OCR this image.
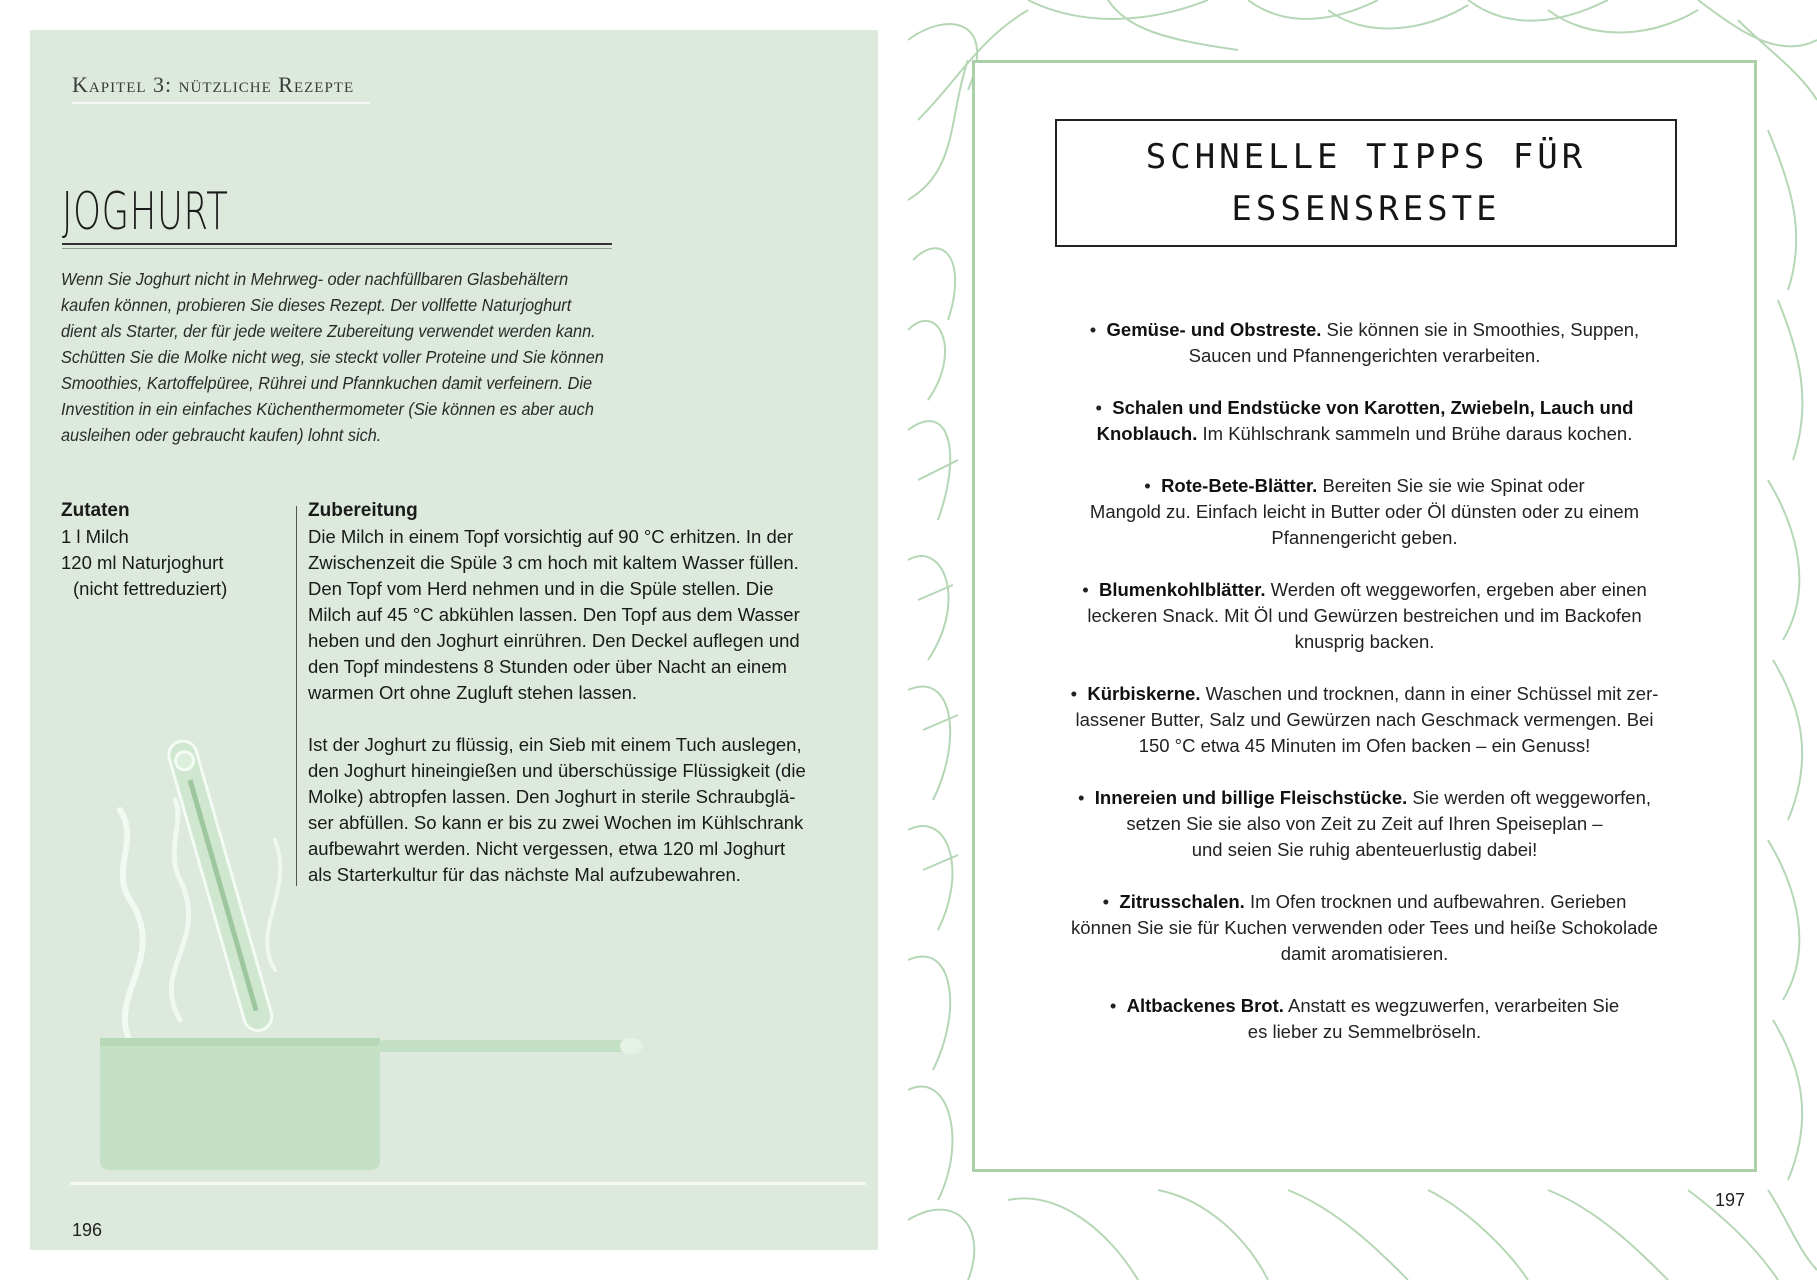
Kapitel 3: nützliche Rezepte
JOGHURT
Wenn Sie Joghurt nicht in Mehrweg- oder nachfüllbaren Glasbehältern
kaufen können, probieren Sie dieses Rezept. Der vollfette Naturjoghurt
dient als Starter, der für jede weitere Zubereitung verwendet werden kann.
Schütten Sie die Molke nicht weg, sie steckt voller Proteine und Sie können
Smoothies, Kartoffelpüree, Rührei und Pfannkuchen damit verfeinern. Die
Investition in ein einfaches Küchenthermometer (Sie können es aber auch
ausleihen oder gebraucht kaufen) lohnt sich.
Zutaten
1 l Milch
120 ml Naturjoghurt
(nicht fettreduziert)
Zubereitung

Die Milch in einem Topf vorsichtig auf 90 °C erhitzen. In der
Zwischenzeit die Spüle 3 cm hoch mit kaltem Wasser füllen.
Den Topf vom Herd nehmen und in die Spüle stellen. Die
Milch auf 45 °C abkühlen lassen. Den Topf aus dem Wasser
heben und den Joghurt einrühren. Den Deckel auflegen und
den Topf mindestens 8 Stunden oder über Nacht an einem
warmen Ort ohne Zugluft stehen lassen.

Ist der Joghurt zu flüssig, ein Sieb mit einem Tuch auslegen,
den Joghurt hineingießen und überschüssige Flüssigkeit (die
Molke) abtropfen lassen. Den Joghurt in sterile Schraubglä-
ser abfüllen. So kann er bis zu zwei Wochen im Kühlschrank
aufbewahrt werden. Nicht vergessen, etwa 120 ml Joghurt
als Starterkultur für das nächste Mal aufzubewahren.

196
SCHNELLE TIPPS FÜR
ESSENSRESTE
• Gemüse- und Obstreste. Sie können sie in Smoothies, Suppen,
Saucen und Pfannengerichten verarbeiten.
• Schalen und Endstücke von Karotten, Zwiebeln, Lauch und
Knoblauch. Im Kühlschrank sammeln und Brühe daraus kochen.
• Rote-Bete-Blätter. Bereiten Sie sie wie Spinat oder
Mangold zu. Einfach leicht in Butter oder Öl dünsten oder zu einem
Pfannengericht geben.
• Blumenkohlblätter. Werden oft weggeworfen, ergeben aber einen
leckeren Snack. Mit Öl und Gewürzen bestreichen und im Backofen
knusprig backen.
• Kürbiskerne. Waschen und trocknen, dann in einer Schüssel mit zer-
lassener Butter, Salz und Gewürzen nach Geschmack vermengen. Bei
150 °C etwa 45 Minuten im Ofen backen – ein Genuss!
• Innereien und billige Fleischstücke. Sie werden oft weggeworfen,
setzen Sie sie also von Zeit zu Zeit auf Ihren Speiseplan –
und seien Sie ruhig abenteuerlustig dabei!
• Zitrusschalen. Im Ofen trocknen und aufbewahren. Gerieben
können Sie sie für Kuchen verwenden oder Tees und heiße Schokolade
damit aromatisieren.
• Altbackenes Brot. Anstatt es wegzuwerfen, verarbeiten Sie
es lieber zu Semmelbröseln.
197
